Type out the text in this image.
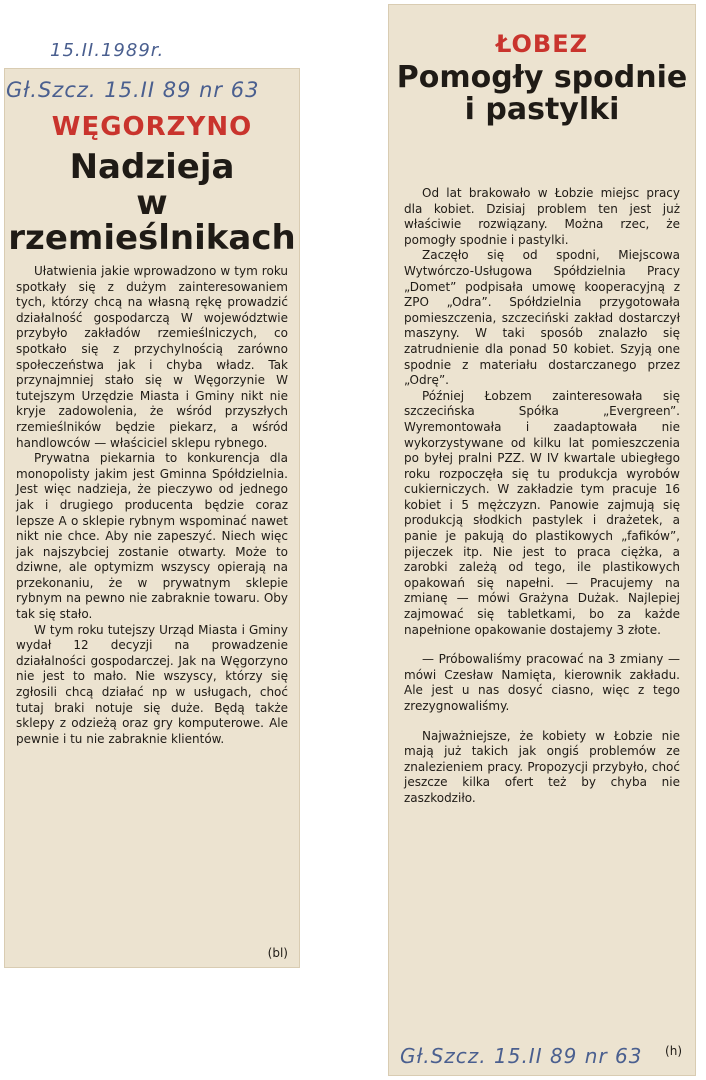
15.II.1989r.
WĘGORZYNO
Nadzieja
w rzemieślnikach

Ułatwienia jakie wprowadzono w tym roku spotkały się z dużym zainteresowaniem tych, którzy chcą na własną rękę prowadzić działalność gospodarczą W województwie przybyło zakładów rzemieślniczych, co spotkało się z przychylnością zarówno społeczeństwa jak i chyba władz. Tak przynajmniej stało się w Węgorzynie W tutejszym Urzędzie Miasta i Gminy nikt nie kryje zadowolenia, że wśród przyszłych rzemieślników będzie piekarz, a wśród handlowców — właściciel sklepu rybnego.

Prywatna piekarnia to konkurencja dla monopolisty jakim jest Gminna Spółdzielnia. Jest więc nadzieja, że pieczywo od jednego jak i drugiego producenta będzie coraz lepsze A o sklepie rybnym wspominać nawet nikt nie chce. Aby nie zapeszyć. Niech więc jak najszybciej zostanie otwarty. Może to dziwne, ale optymizm wszyscy opierają na przekonaniu, że w prywatnym sklepie rybnym na pewno nie zabraknie towaru. Oby tak się stało.

W tym roku tutejszy Urząd Miasta i Gminy wydał 12 decyzji na prowadzenie działalności gospodarczej. Jak na Węgorzyno nie jest to mało. Nie wszyscy, którzy się zgłosili chcą działać np w usługach, choć tutaj braki notuje się duże. Będą także sklepy z odzieżą oraz gry komputerowe. Ale pewnie i tu nie zabraknie klientów.

(bl)
Gł.Szcz. 15.II 89 nr 63
ŁOBEZ
Pomogły spodnie
i pastylki

Od lat brakowało w Łobzie miejsc pracy dla kobiet. Dzisiaj problem ten jest już właściwie rozwiązany. Można rzec, że pomogły spodnie i pastylki.

Zaczęło się od spodni, Miejscowa Wytwórczo-Usługowa Spółdzielnia Pracy „Domet” podpisała umowę kooperacyjną z ZPO „Odra”. Spółdzielnia przygotowała pomieszczenia, szczeciński zakład dostarczył maszyny. W taki sposób znalazło się zatrudnienie dla ponad 50 kobiet. Szyją one spodnie z materiału dostarczanego przez „Odrę”.

Później Łobzem zainteresowała się szczecińska Spółka „Evergreen”. Wyremontowała i zaadaptowała nie wykorzystywane od kilku lat pomieszczenia po byłej pralni PZZ. W IV kwartale ubiegłego roku rozpoczęła się tu produkcja wyrobów cukierniczych. W zakładzie tym pracuje 16 kobiet i 5 mężczyzn. Panowie zajmują się produkcją słodkich pastylek i drażetek, a panie je pakują do plastikowych „fafików”, pijeczek itp. Nie jest to praca ciężka, a zarobki zależą od tego, ile plastikowych opakowań się napełni. — Pracujemy na zmianę — mówi Grażyna Dużak. Najlepiej zajmować się tabletkami, bo za każde napełnione opakowanie dostajemy 3 złote.

— Próbowaliśmy pracować na 3 zmiany — mówi Czesław Namięta, kierownik zakładu. Ale jest u nas dosyć ciasno, więc z tego zrezygnowaliśmy.

Najważniejsze, że kobiety w Łobzie nie mają już takich jak ongiś problemów ze znalezieniem pracy. Propozycji przybyło, choć jeszcze kilka ofert też by chyba nie zaszkodziło.

(h)
Gł.Szcz. 15.II 89 nr 63
